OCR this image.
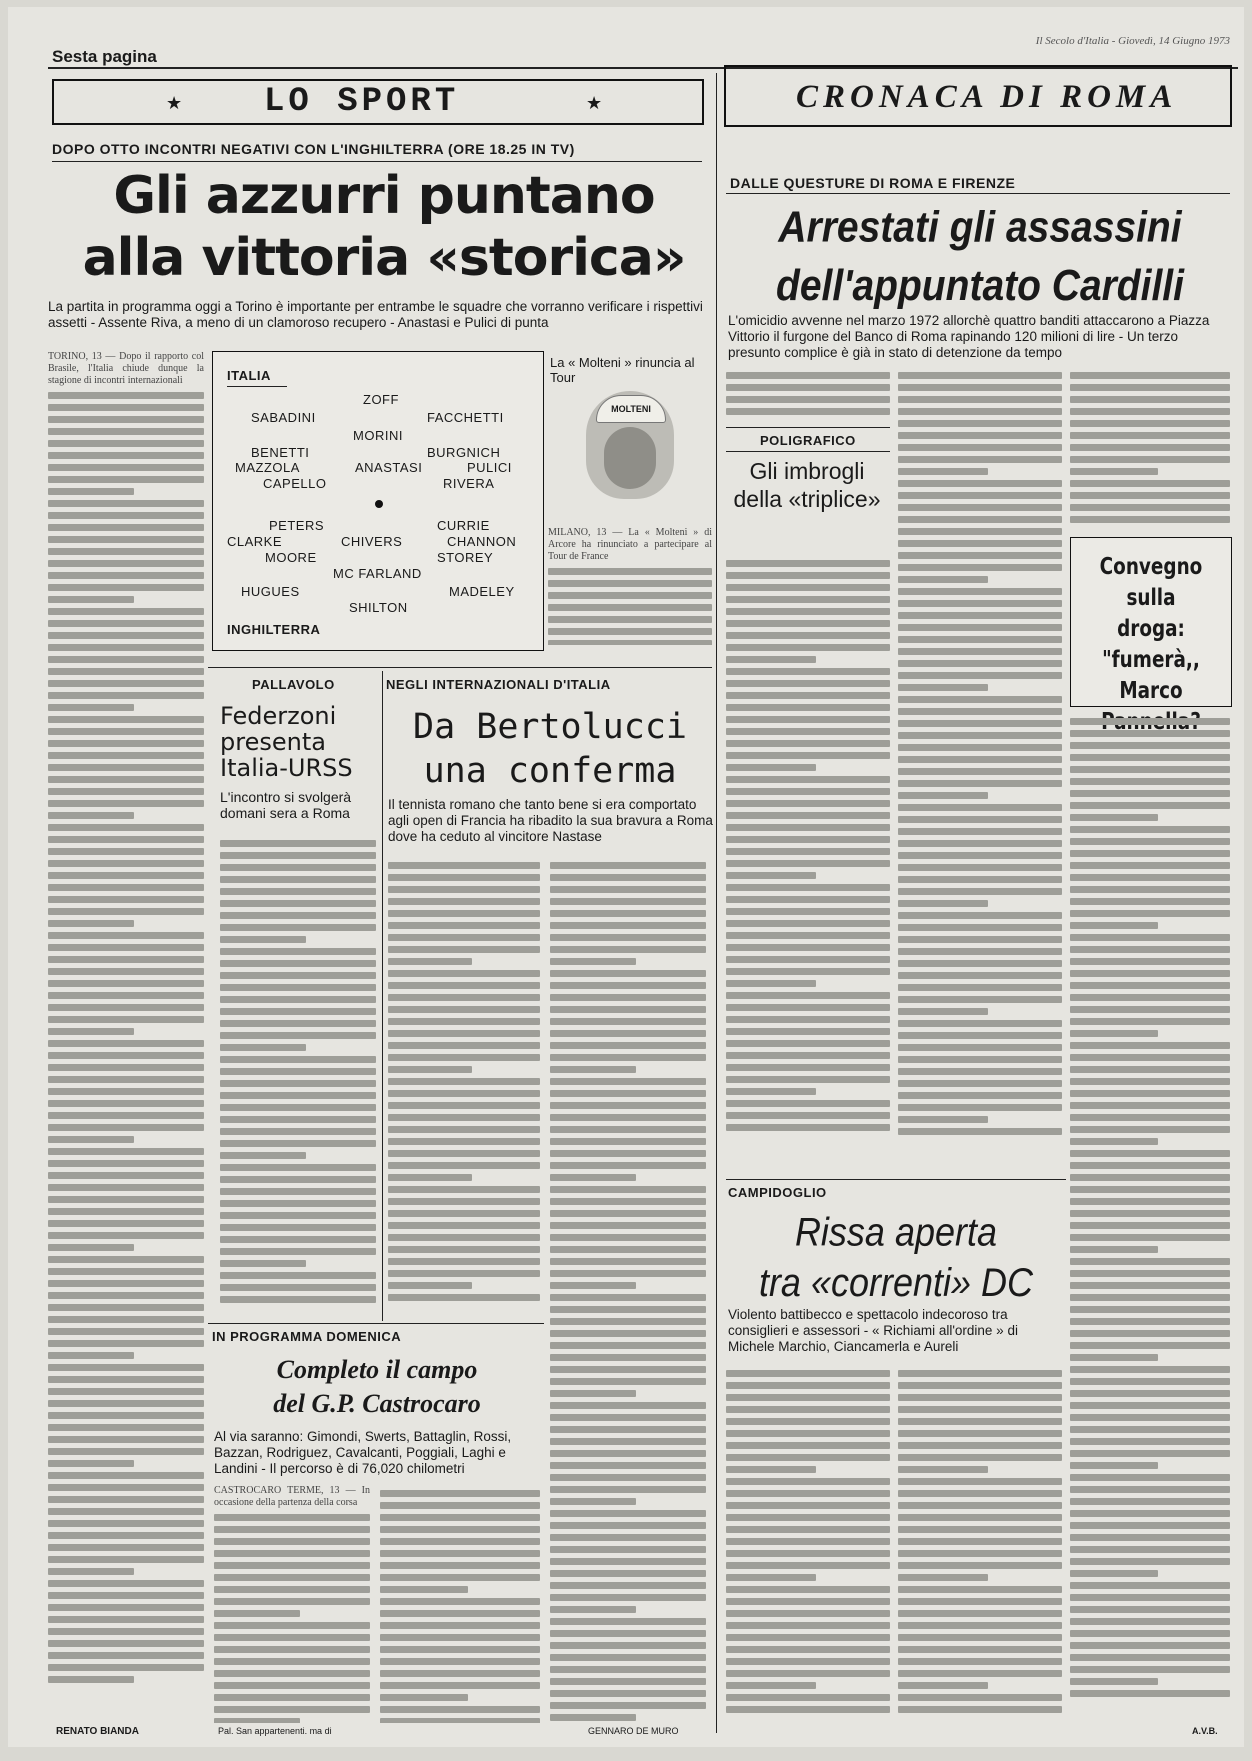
Sesta pagina
Il Secolo d'Italia - Giovedì, 14 Giugno 1973
★ LO SPORT	★	CRONACA DI ROMA
DOPO OTTO INCONTRI NEGATIVI CON L'INGHILTERRA (ORE 18.25 IN TV)
Gli azzurri puntano
alla vittoria «storica»
La partita in programma oggi a Torino è importante per entrambe le squadre che vorranno verificare i rispettivi assetti - Assente Riva, a meno di un clamoroso recupero - Anastasi e Pulici di punta
TORINO, 13 — Dopo il rapporto col Brasile, l'Italia chiude dunque la stagione di incontri internazionali
RENATO BIANDA
ITALIA
ZOFF
SABADINI	FACCHETTI
MORINI
BENETTI	BURGNICH
MAZZOLA	ANASTASI	PULICI
CAPELLO	RIVERA
PETERS	CURRIE
CLARKE	CHIVERS	CHANNON
MOORE	STOREY
MC FARLAND
HUGUES	MADELEY
SHILTON
INGHILTERRA
La « Molteni » rinuncia al Tour
MOLTENI
MILANO, 13 — La « Molteni » di Arcore ha rinunciato a partecipare al Tour de France
PALLAVOLO
Federzoni presenta Italia-URSS
L'incontro si svolgerà domani sera a Roma
NEGLI INTERNAZIONALI D'ITALIA
Da Bertolucci
una conferma
Il tennista romano che tanto bene si era comportato agli open di Francia ha ribadito la sua bravura a Roma dove ha ceduto al vincitore Nastase
GENNARO DE MURO
IN PROGRAMMA DOMENICA
Completo il campo
del G.P. Castrocaro
Al via saranno: Gimondi, Swerts, Battaglin, Rossi, Bazzan, Rodriguez, Cavalcanti, Poggiali, Laghi e Landini - Il percorso è di 76,020 chilometri
CASTROCARO TERME, 13 — In occasione della partenza della corsa
Pal. San appartenenti. ma di
DALLE QUESTURE DI ROMA E FIRENZE
Arrestati gli assassini
dell'appuntato Cardilli
L'omicidio avvenne nel marzo 1972 allorchè quattro banditi attaccarono a Piazza Vittorio il furgone del Banco di Roma rapinando 120 milioni di lire - Un terzo presunto complice è già in stato di detenzione da tempo
POLIGRAFICO
Gli imbrogli della «triplice»
Convegno sulla droga: "fumerà,, Marco
A.V.B.
CAMPIDOGLIO
Rissa aperta
tra «correnti» DC
Violento battibecco e spettacolo indecoroso tra consiglieri e assessori - « Richiami all'ordine » di Michele Marchio, Ciancamerla e Aureli
